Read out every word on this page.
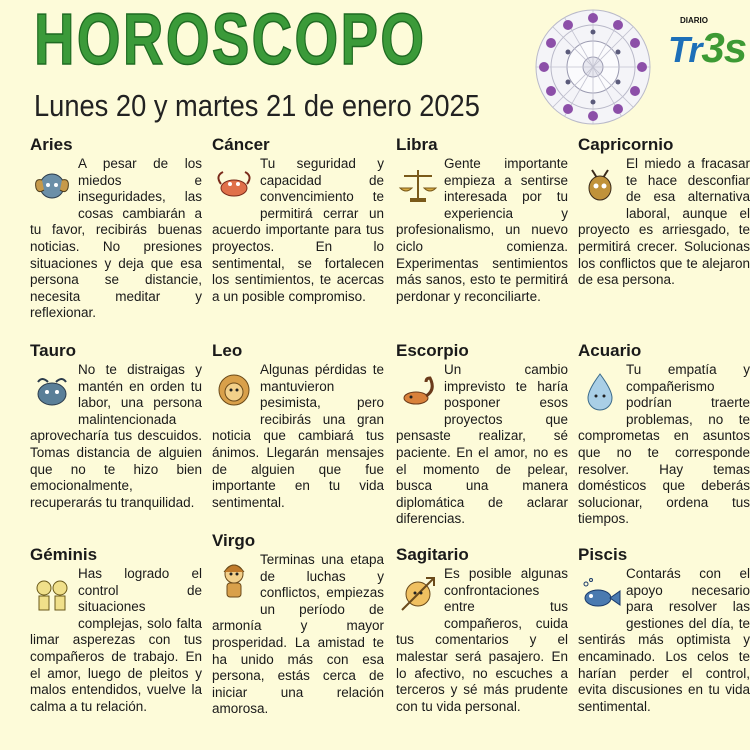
HOROSCOPO
Lunes 20 y martes 21 de enero 2025
DIARIO
Tr3s
Aries

A pesar de los miedos e inseguridades, las cosas cambiarán a tu favor, recibirás buenas noticias. No presiones situaciones y deja que esa persona se distancie, necesita meditar y reflexionar.

Cáncer

Tu seguridad y capacidad de convencimiento te permitirá cerrar un acuerdo importante para tus proyectos. En lo sentimental, se fortalecen los sentimientos, te acercas a un posible compromiso.

Libra

Gente importante empieza a sentirse interesada por tu experiencia y profesionalismo, un nuevo ciclo comienza. Experimentas sentimientos más sanos, esto te permitirá perdonar y reconciliarte.

Capricornio

El miedo a fracasar te hace desconfiar de esa alternativa laboral, aunque el proyecto es arriesgado, te permitirá crecer. Solucionas los conflictos que te alejaron de esa persona.

Tauro

No te distraigas y mantén en orden tu labor, una persona malintencionada aprovecharía tus descuidos. Tomas distancia de alguien que no te hizo bien emocionalmente, recuperarás tu tranquilidad.

Leo

Algunas pérdidas te mantuvieron pesimista, pero recibirás una gran noticia que cambiará tus ánimos. Llegarán mensajes de alguien que fue importante en tu vida sentimental.

Escorpio

Un cambio imprevisto te haría posponer esos proyectos que pensaste realizar, sé paciente. En el amor, no es el momento de pelear, busca una manera diplomática de aclarar diferencias.

Acuario

Tu empatía y compañerismo podrían traerte problemas, no te comprometas en asuntos que no te corresponde resolver. Hay temas domésticos que deberás solucionar, ordena tus tiempos.

Géminis

Has logrado el control de situaciones complejas, solo falta limar asperezas con tus compañeros de trabajo. En el amor, luego de pleitos y malos entendidos, vuelve la calma a tu relación.

Virgo

Terminas una etapa de luchas y conflictos, empiezas un período de armonía y mayor prosperidad. La amistad te ha unido más con esa persona, estás cerca de iniciar una relación amorosa.

Sagitario

Es posible algunas confrontaciones entre tus compañeros, cuida tus comentarios y el malestar será pasajero. En lo afectivo, no escuches a terceros y sé más prudente con tu vida personal.

Piscis

Contarás con el apoyo necesario para resolver las gestiones del día, te sentirás más optimista y encaminado. Los celos te harían perder el control, evita discusiones en tu vida sentimental.
